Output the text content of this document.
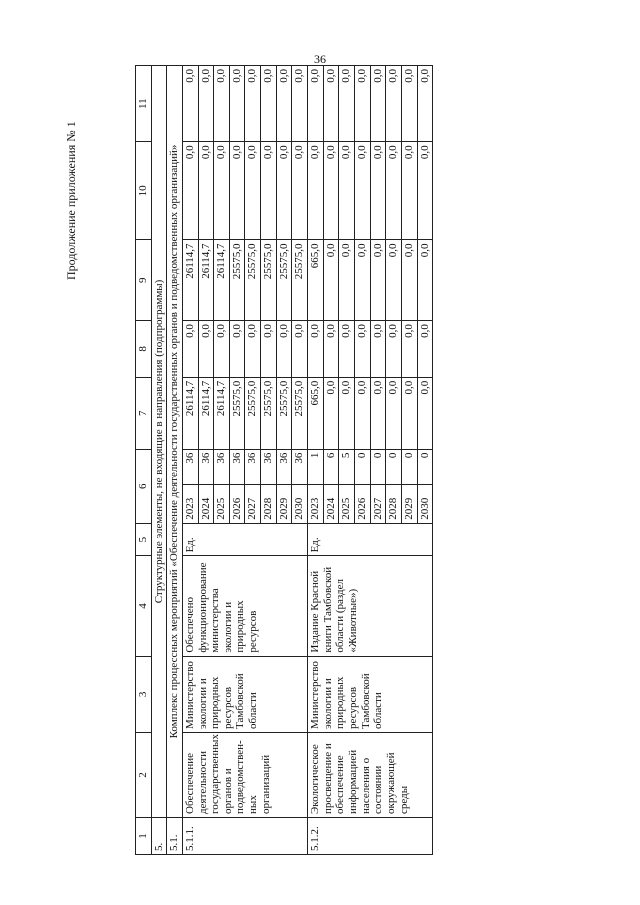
36
Продолжение приложения № 1
1	2	3	4	5	6		7	8	9	10	11
5.	Структурные элементы, не входящие в направления (подпрограммы)										
5.1.	Комплекс процессных мероприятий «Обеспечение деятельности государственных органов и подведомственных организаций»										
5.1.1.	Обеспечение деятельности государственных органов и подведомствен-ных организаций	Министерство экологии и природных ресурсов Тамбовской области	Обеспечено функционирование министерства экологии и природных ресурсов	Ед.	2023	36	26114,7	0,0	26114,7	0,0	0,0
					2024	36	26114,7	0,0	26114,7	0,0	0,0
					2025	36	26114,7	0,0	26114,7	0,0	0,0
					2026	36	25575,0	0,0	25575,0	0,0	0,0
					2027	36	25575,0	0,0	25575,0	0,0	0,0
					2028	36	25575,0	0,0	25575,0	0,0	0,0
					2029	36	25575,0	0,0	25575,0	0,0	0,0
					2030	36	25575,0	0,0	25575,0	0,0	0,0
5.1.2.	Экологическое просвещение и обеспечение информацией населения о состоянии окружающей среды	Министерство экологии и природных ресурсов Тамбовской области	Издание Красной книги Тамбовской области (раздел «Животные»)	Ед.	2023	1	665,0	0,0	665,0	0,0	0,0
					2024	6	0,0	0,0	0,0	0,0	0,0
					2025	5	0,0	0,0	0,0	0,0	0,0
					2026	0	0,0	0,0	0,0	0,0	0,0
					2027	0	0,0	0,0	0,0	0,0	0,0
					2028	0	0,0	0,0	0,0	0,0	0,0
					2029	0	0,0	0,0	0,0	0,0	0,0
					2030	0	0,0	0,0	0,0	0,0	0,0
